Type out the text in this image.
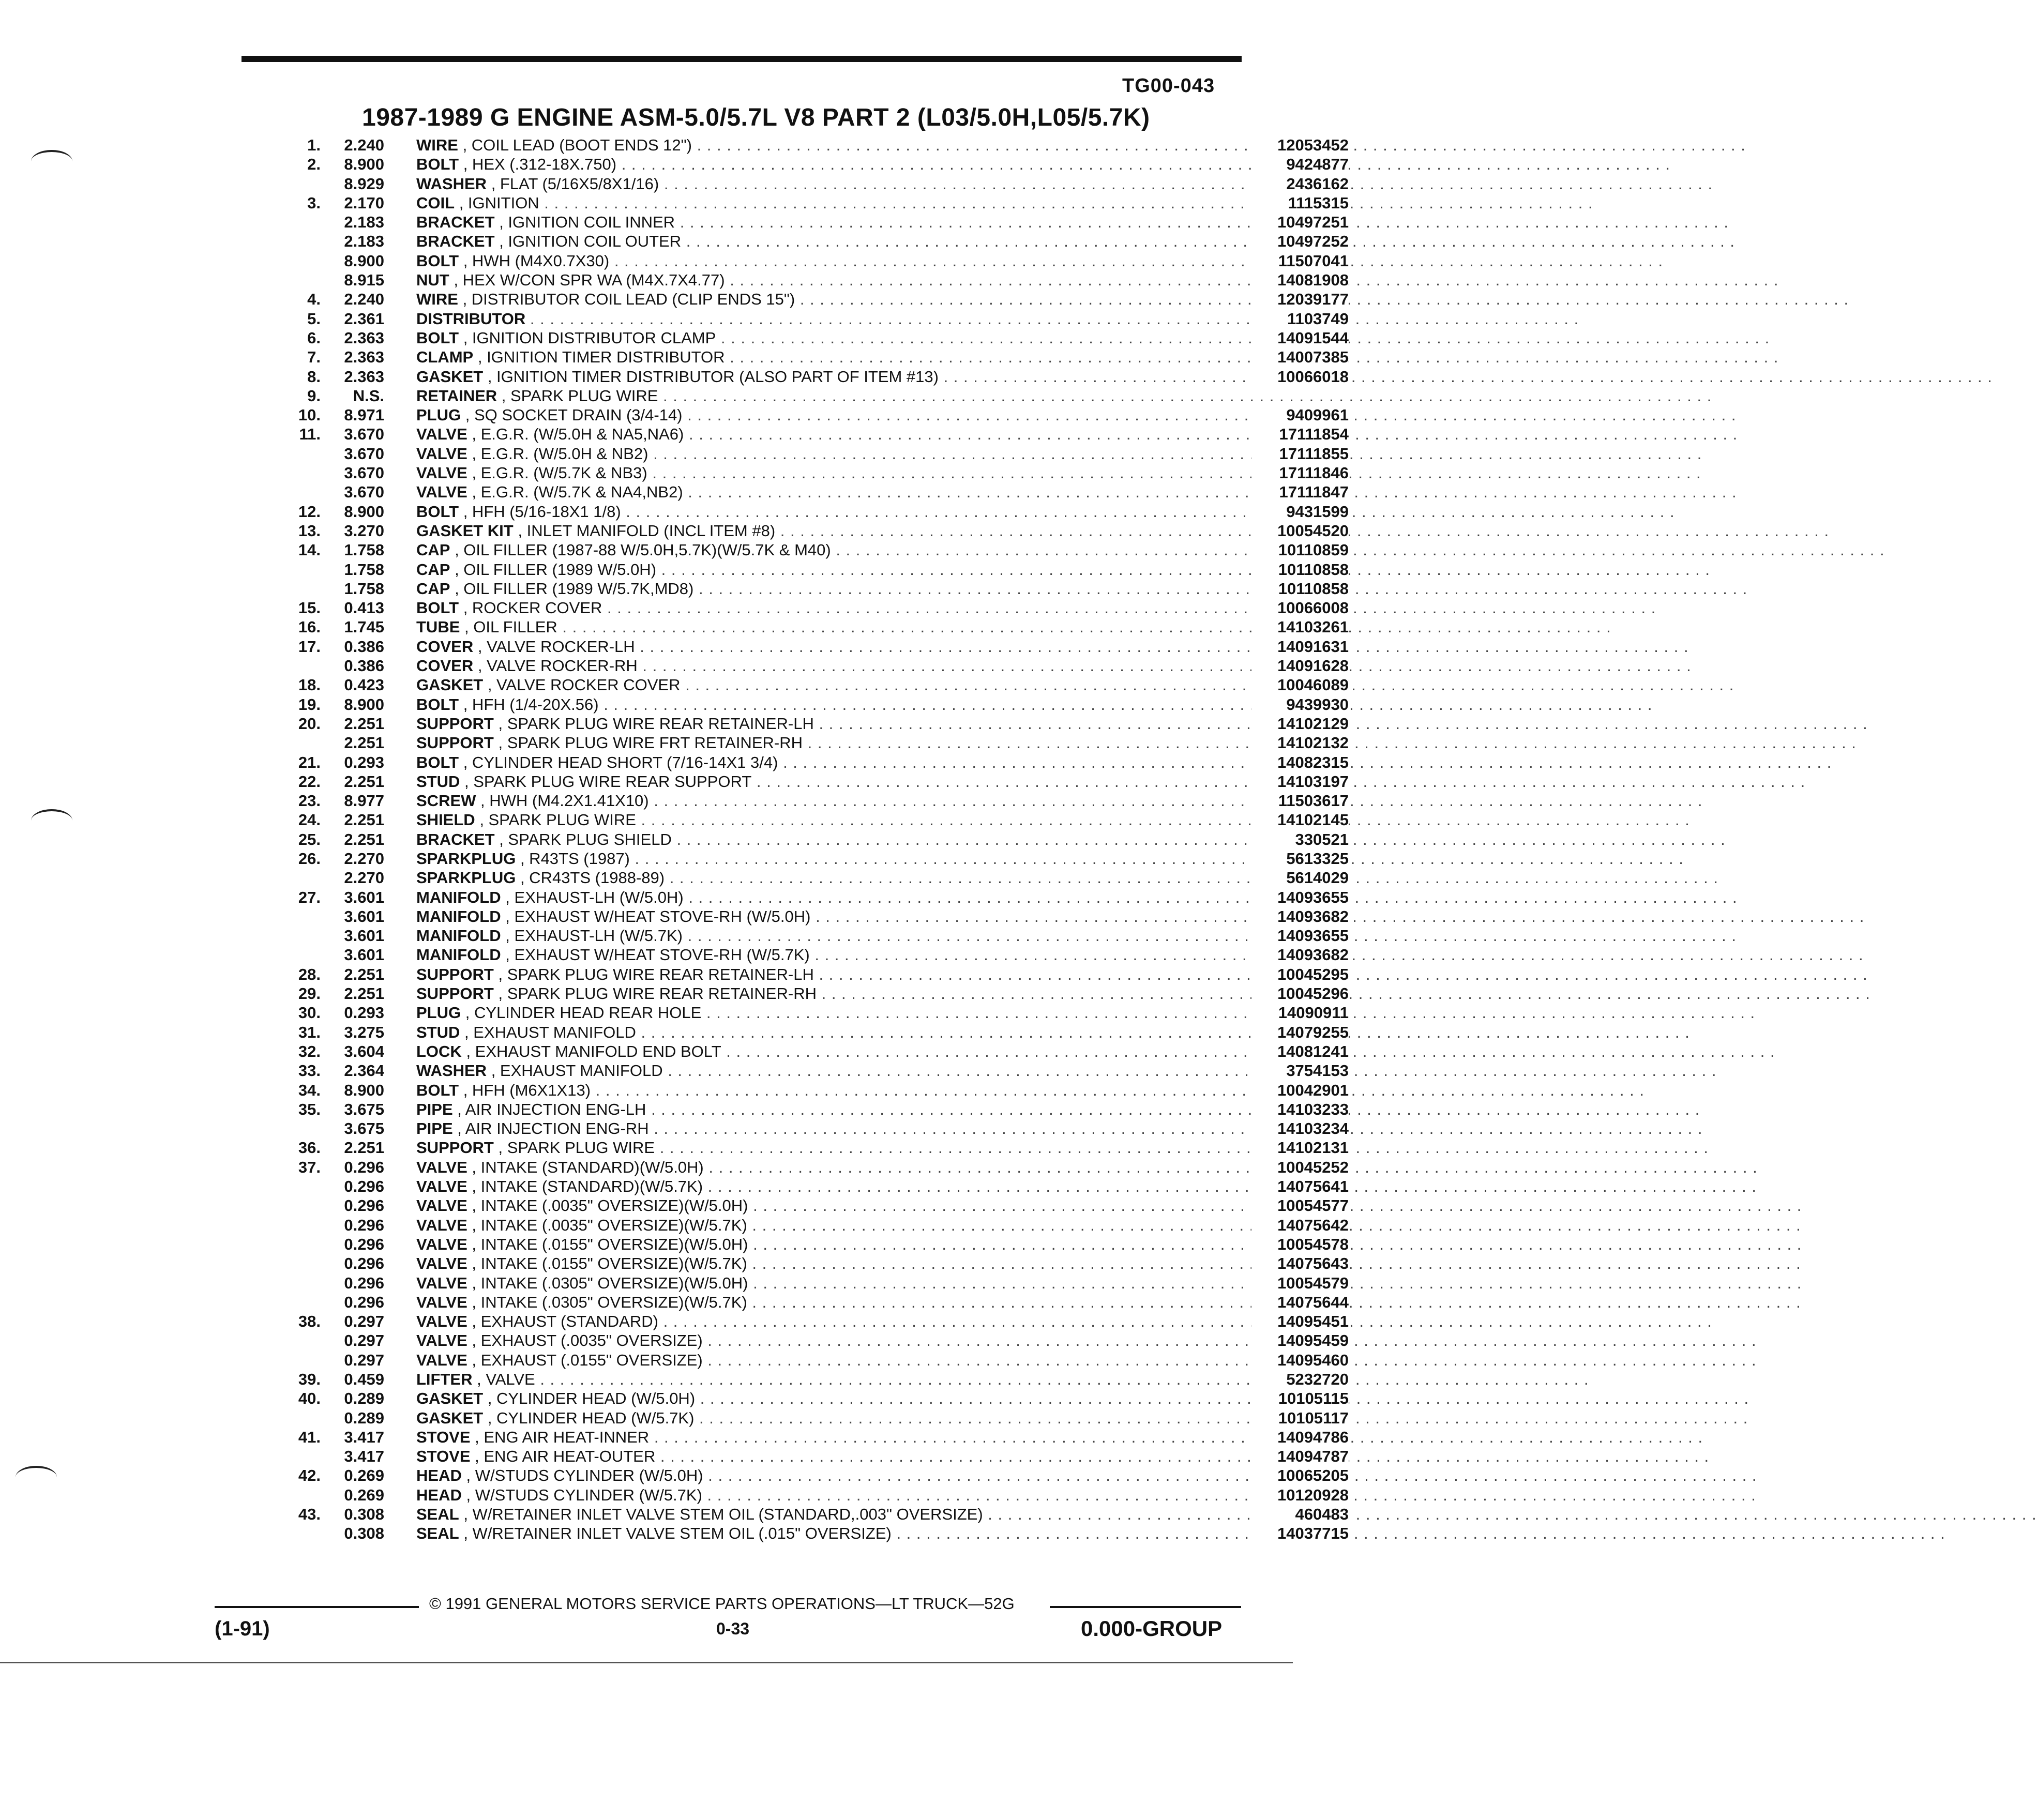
TG00-043
1987-1989 G ENGINE ASM-5.0/5.7L V8 PART 2 (L03/5.0H,L05/5.7K)
1.	2.240 WIRE , COIL LEAD (BOOT ENDS 12") . . .	12053452
2.	8.900 BOLT , HEX (.312-18X.750) . . .	9424877
8.929 WASHER , FLAT (5/16X5/8X1/16) . . .	2436162
3.	2.170 COIL , IGNITION . . .	1115315
2.183 BRACKET , IGNITION COIL INNER . . .	10497251
2.183 BRACKET , IGNITION COIL OUTER . . .	10497252
8.900 BOLT , HWH (M4X0.7X30) . . .	11507041
8.915 NUT , HEX W/CON SPR WA (M4X.7X4.77) . . .	14081908
4.	2.240 WIRE , DISTRIBUTOR COIL LEAD (CLIP ENDS 15") . . .	12039177
5.	2.361 DISTRIBUTOR . . .	1103749
6.	2.363 BOLT , IGNITION DISTRIBUTOR CLAMP . . .	14091544
7.	2.363 CLAMP , IGNITION TIMER DISTRIBUTOR . . .	14007385
8.	2.363 GASKET , IGNITION TIMER DISTRIBUTOR (ALSO PART OF ITEM #13) . . .	10066018
9.	N.S. RETAINER , SPARK PLUG WIRE . . .
10.	8.971 PLUG , SQ SOCKET DRAIN (3/4-14) . . .	9409961
11.	3.670 VALVE , E.G.R. (W/5.0H & NA5,NA6) . . .	17111854
3.670 VALVE , E.G.R. (W/5.0H & NB2) . . .	17111855
3.670 VALVE , E.G.R. (W/5.7K & NB3) . . .	17111846
3.670 VALVE , E.G.R. (W/5.7K & NA4,NB2) . . .	17111847
12.	8.900 BOLT , HFH (5/16-18X1 1/8) . . .	9431599
13.	3.270 GASKET KIT , INLET MANIFOLD (INCL ITEM #8) . . .	10054520
14.	1.758 CAP , OIL FILLER (1987-88 W/5.0H,5.7K)(W/5.7K & M40) . . .	10110859
1.758 CAP , OIL FILLER (1989 W/5.0H) . . .	10110858
1.758 CAP , OIL FILLER (1989 W/5.7K,MD8) . . .	10110858
15.	0.413 BOLT , ROCKER COVER . . .	10066008
16.	1.745 TUBE , OIL FILLER . . .	14103261
17.	0.386 COVER , VALVE ROCKER-LH . . .	14091631
0.386 COVER , VALVE ROCKER-RH . . .	14091628
18.	0.423 GASKET , VALVE ROCKER COVER . . .	10046089
19.	8.900 BOLT , HFH (1/4-20X.56) . . .	9439930
20.	2.251 SUPPORT , SPARK PLUG WIRE REAR RETAINER-LH . . .	14102129
2.251 SUPPORT , SPARK PLUG WIRE FRT RETAINER-RH . . .	14102132
21.	0.293 BOLT , CYLINDER HEAD SHORT (7/16-14X1 3/4) . . .	14082315
22.	2.251 STUD , SPARK PLUG WIRE REAR SUPPORT . . .	14103197
23.	8.977 SCREW , HWH (M4.2X1.41X10) . . .	11503617
24.	2.251 SHIELD , SPARK PLUG WIRE . . .	14102145
25.	2.251 BRACKET , SPARK PLUG SHIELD . . .	330521
26.	2.270 SPARKPLUG , R43TS (1987) . . .	5613325
2.270 SPARKPLUG , CR43TS (1988-89) . . .	5614029
27.	3.601 MANIFOLD , EXHAUST-LH (W/5.0H) . . .	14093655
3.601 MANIFOLD , EXHAUST W/HEAT STOVE-RH (W/5.0H) . . .	14093682
3.601 MANIFOLD , EXHAUST-LH (W/5.7K) . . .	14093655
3.601 MANIFOLD , EXHAUST W/HEAT STOVE-RH (W/5.7K) . . .	14093682
28.	2.251 SUPPORT , SPARK PLUG WIRE REAR RETAINER-LH . . .	10045295
29.	2.251 SUPPORT , SPARK PLUG WIRE REAR RETAINER-RH . . .	10045296
30.	0.293 PLUG , CYLINDER HEAD REAR HOLE . . .	14090911
31.	3.275 STUD , EXHAUST MANIFOLD . . .	14079255
32.	3.604 LOCK , EXHAUST MANIFOLD END BOLT . . .	14081241
33.	2.364 WASHER , EXHAUST MANIFOLD . . .	3754153
34.	8.900 BOLT , HFH (M6X1X13) . . .	10042901
35.	3.675 PIPE , AIR INJECTION ENG-LH . . .	14103233
3.675 PIPE , AIR INJECTION ENG-RH . . .	14103234
36.	2.251 SUPPORT , SPARK PLUG WIRE . . .	14102131
37.	0.296 VALVE , INTAKE (STANDARD)(W/5.0H) . . .	10045252
0.296 VALVE , INTAKE (STANDARD)(W/5.7K) . . .	14075641
0.296 VALVE , INTAKE (.0035" OVERSIZE)(W/5.0H) . . .	10054577
0.296 VALVE , INTAKE (.0035" OVERSIZE)(W/5.7K) . . .	14075642
0.296 VALVE , INTAKE (.0155" OVERSIZE)(W/5.0H) . . .	10054578
0.296 VALVE , INTAKE (.0155" OVERSIZE)(W/5.7K) . . .	14075643
0.296 VALVE , INTAKE (.0305" OVERSIZE)(W/5.0H) . . .	10054579
0.296 VALVE , INTAKE (.0305" OVERSIZE)(W/5.7K) . . .	14075644
38.	0.297 VALVE , EXHAUST (STANDARD) . . .	14095451
0.297 VALVE , EXHAUST (.0035" OVERSIZE) . . .	14095459
0.297 VALVE , EXHAUST (.0155" OVERSIZE) . . .	14095460
39.	0.459 LIFTER , VALVE . . .	5232720
40.	0.289 GASKET , CYLINDER HEAD (W/5.0H) . . .	10105115
0.289 GASKET , CYLINDER HEAD (W/5.7K) . . .	10105117
41.	3.417 STOVE , ENG AIR HEAT-INNER . . .	14094786
3.417 STOVE , ENG AIR HEAT-OUTER . . .	14094787
42.	0.269 HEAD , W/STUDS CYLINDER (W/5.0H) . . .	10065205
0.269 HEAD , W/STUDS CYLINDER (W/5.7K) . . .	10120928
43.	0.308 SEAL , W/RETAINER INLET VALVE STEM OIL (STANDARD,.003" OVERSIZE) . . .	460483
0.308 SEAL , W/RETAINER INLET VALVE STEM OIL (.015" OVERSIZE) . . .	14037715
© 1991 GENERAL MOTORS SERVICE PARTS OPERATIONS—LT TRUCK—52G
(1-91)	0-33	0.000-GROUP
